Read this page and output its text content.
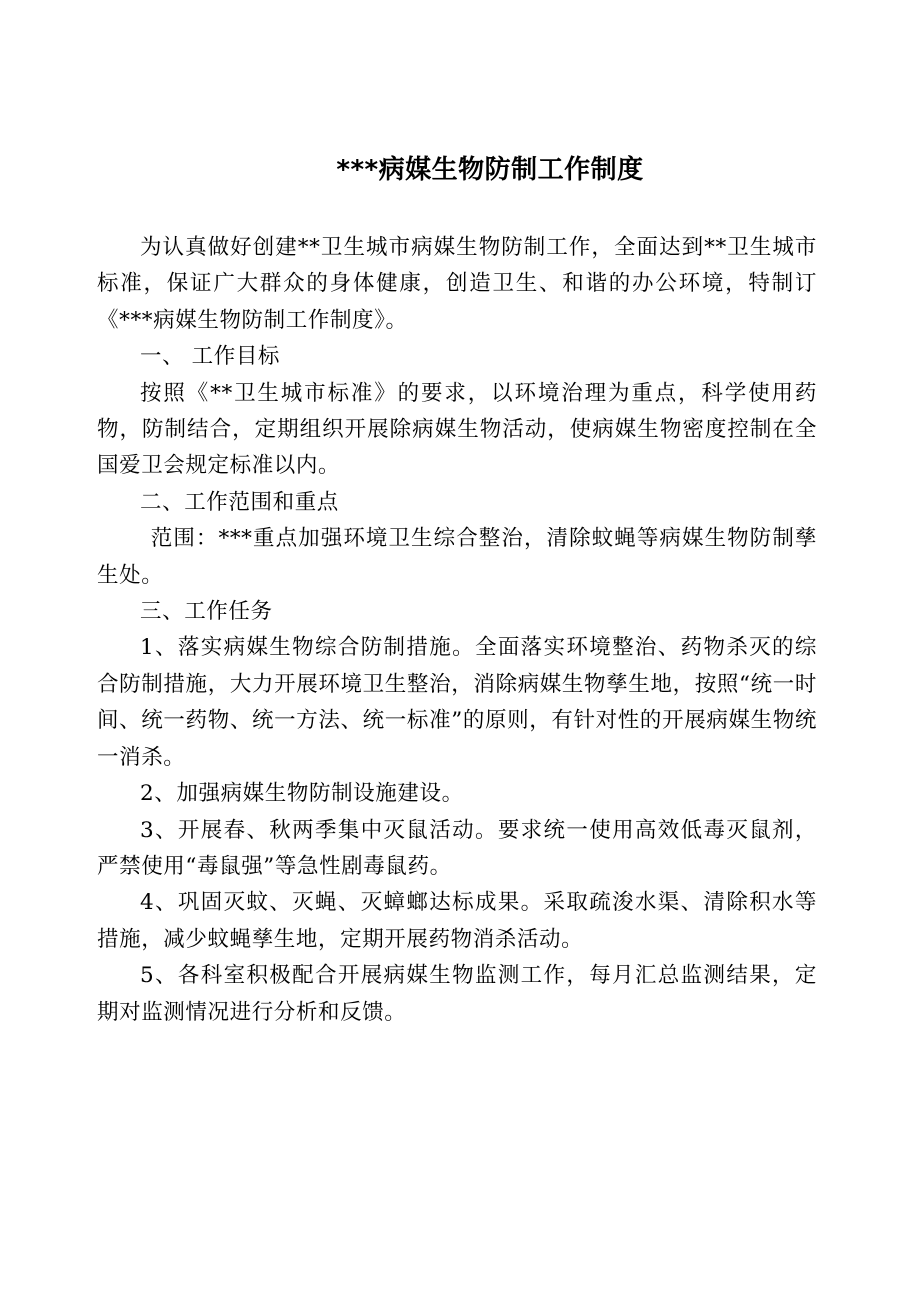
***病媒生物防制工作制度

为认真做好创建**卫生城市病媒生物防制工作，全面达到**卫生城市标准，保证广大群众的身体健康，创造卫生、和谐的办公环境，特制订《***病媒生物防制工作制度》。

一、 工作目标

按照《**卫生城市标准》的要求，以环境治理为重点，科学使用药物，防制结合，定期组织开展除病媒生物活动，使病媒生物密度控制在全国爱卫会规定标准以内。

二、工作范围和重点

范围：***重点加强环境卫生综合整治，清除蚊蝇等病媒生物防制孳生处。

三、工作任务

1、落实病媒生物综合防制措施。全面落实环境整治、药物杀灭的综合防制措施，大力开展环境卫生整治，消除病媒生物孳生地，按照“统一时间、统一药物、统一方法、统一标准”的原则，有针对性的开展病媒生物统一消杀。

2、加强病媒生物防制设施建设。

3、开展春、秋两季集中灭鼠活动。要求统一使用高效低毒灭鼠剂，严禁使用“毒鼠强”等急性剧毒鼠药。

4、巩固灭蚊、灭蝇、灭蟑螂达标成果。采取疏浚水渠、清除积水等措施，减少蚊蝇孳生地，定期开展药物消杀活动。

5、各科室积极配合开展病媒生物监测工作，每月汇总监测结果，定期对监测情况进行分析和反馈。
